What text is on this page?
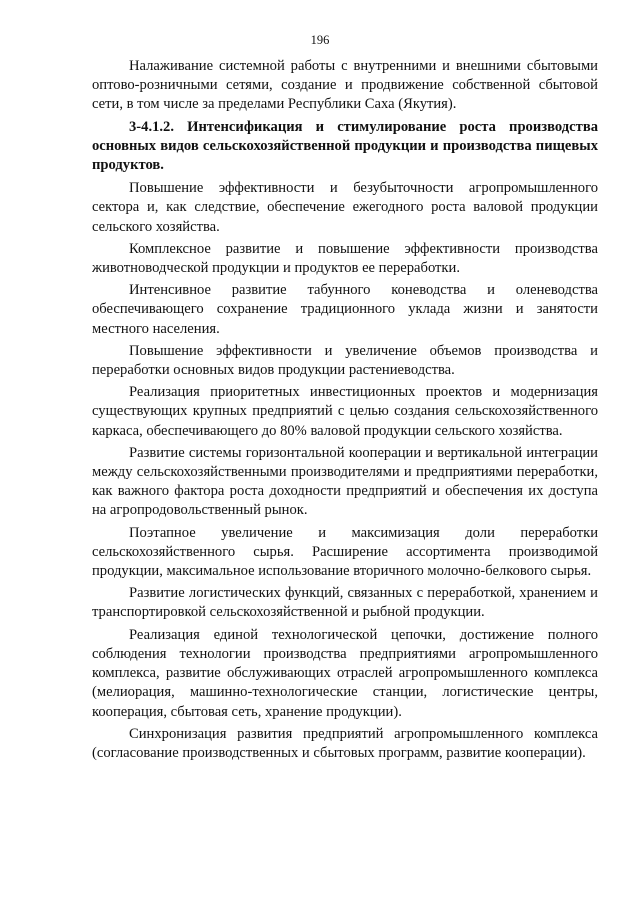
196

Налаживание системной работы с внутренними и внешними сбытовыми оптово-розничными сетями, создание и продвижение собственной сбытовой сети, в том числе за пределами Республики Саха (Якутия).

3-4.1.2. Интенсификация и стимулирование роста производства основных видов сельскохозяйственной продукции и производства пищевых продуктов.

Повышение эффективности и безубыточности агропромышленного сектора и, как следствие, обеспечение ежегодного роста валовой продукции сельского хозяйства.

Комплексное развитие и повышение эффективности производства животноводческой продукции и продуктов ее переработки.

Интенсивное развитие табунного коневодства и оленеводства обеспечивающего сохранение традиционного уклада жизни и занятости местного населения.

Повышение эффективности и увеличение объемов производства и переработки основных видов продукции растениеводства.

Реализация приоритетных инвестиционных проектов и модернизация существующих крупных предприятий с целью создания сельскохозяйственного каркаса, обеспечивающего до 80% валовой продукции сельского хозяйства.

Развитие системы горизонтальной кооперации и вертикальной интеграции между сельскохозяйственными производителями и предприятиями переработки, как важного фактора роста доходности предприятий и обеспечения их доступа на агропродовольственный рынок.

Поэтапное увеличение и максимизация доли переработки сельскохозяйственного сырья. Расширение ассортимента производимой продукции, максимальное использование вторичного молочно-белкового сырья.

Развитие логистических функций, связанных с переработкой, хранением и транспортировкой сельскохозяйственной и рыбной продукции.

Реализация единой технологической цепочки, достижение полного соблюдения технологии производства предприятиями агропромышленного комплекса, развитие обслуживающих отраслей агропромышленного комплекса (мелиорация, машинно-технологические станции, логистические центры, кооперация, сбытовая сеть, хранение продукции).

Синхронизация развития предприятий агропромышленного комплекса (согласование производственных и сбытовых программ, развитие кооперации).
